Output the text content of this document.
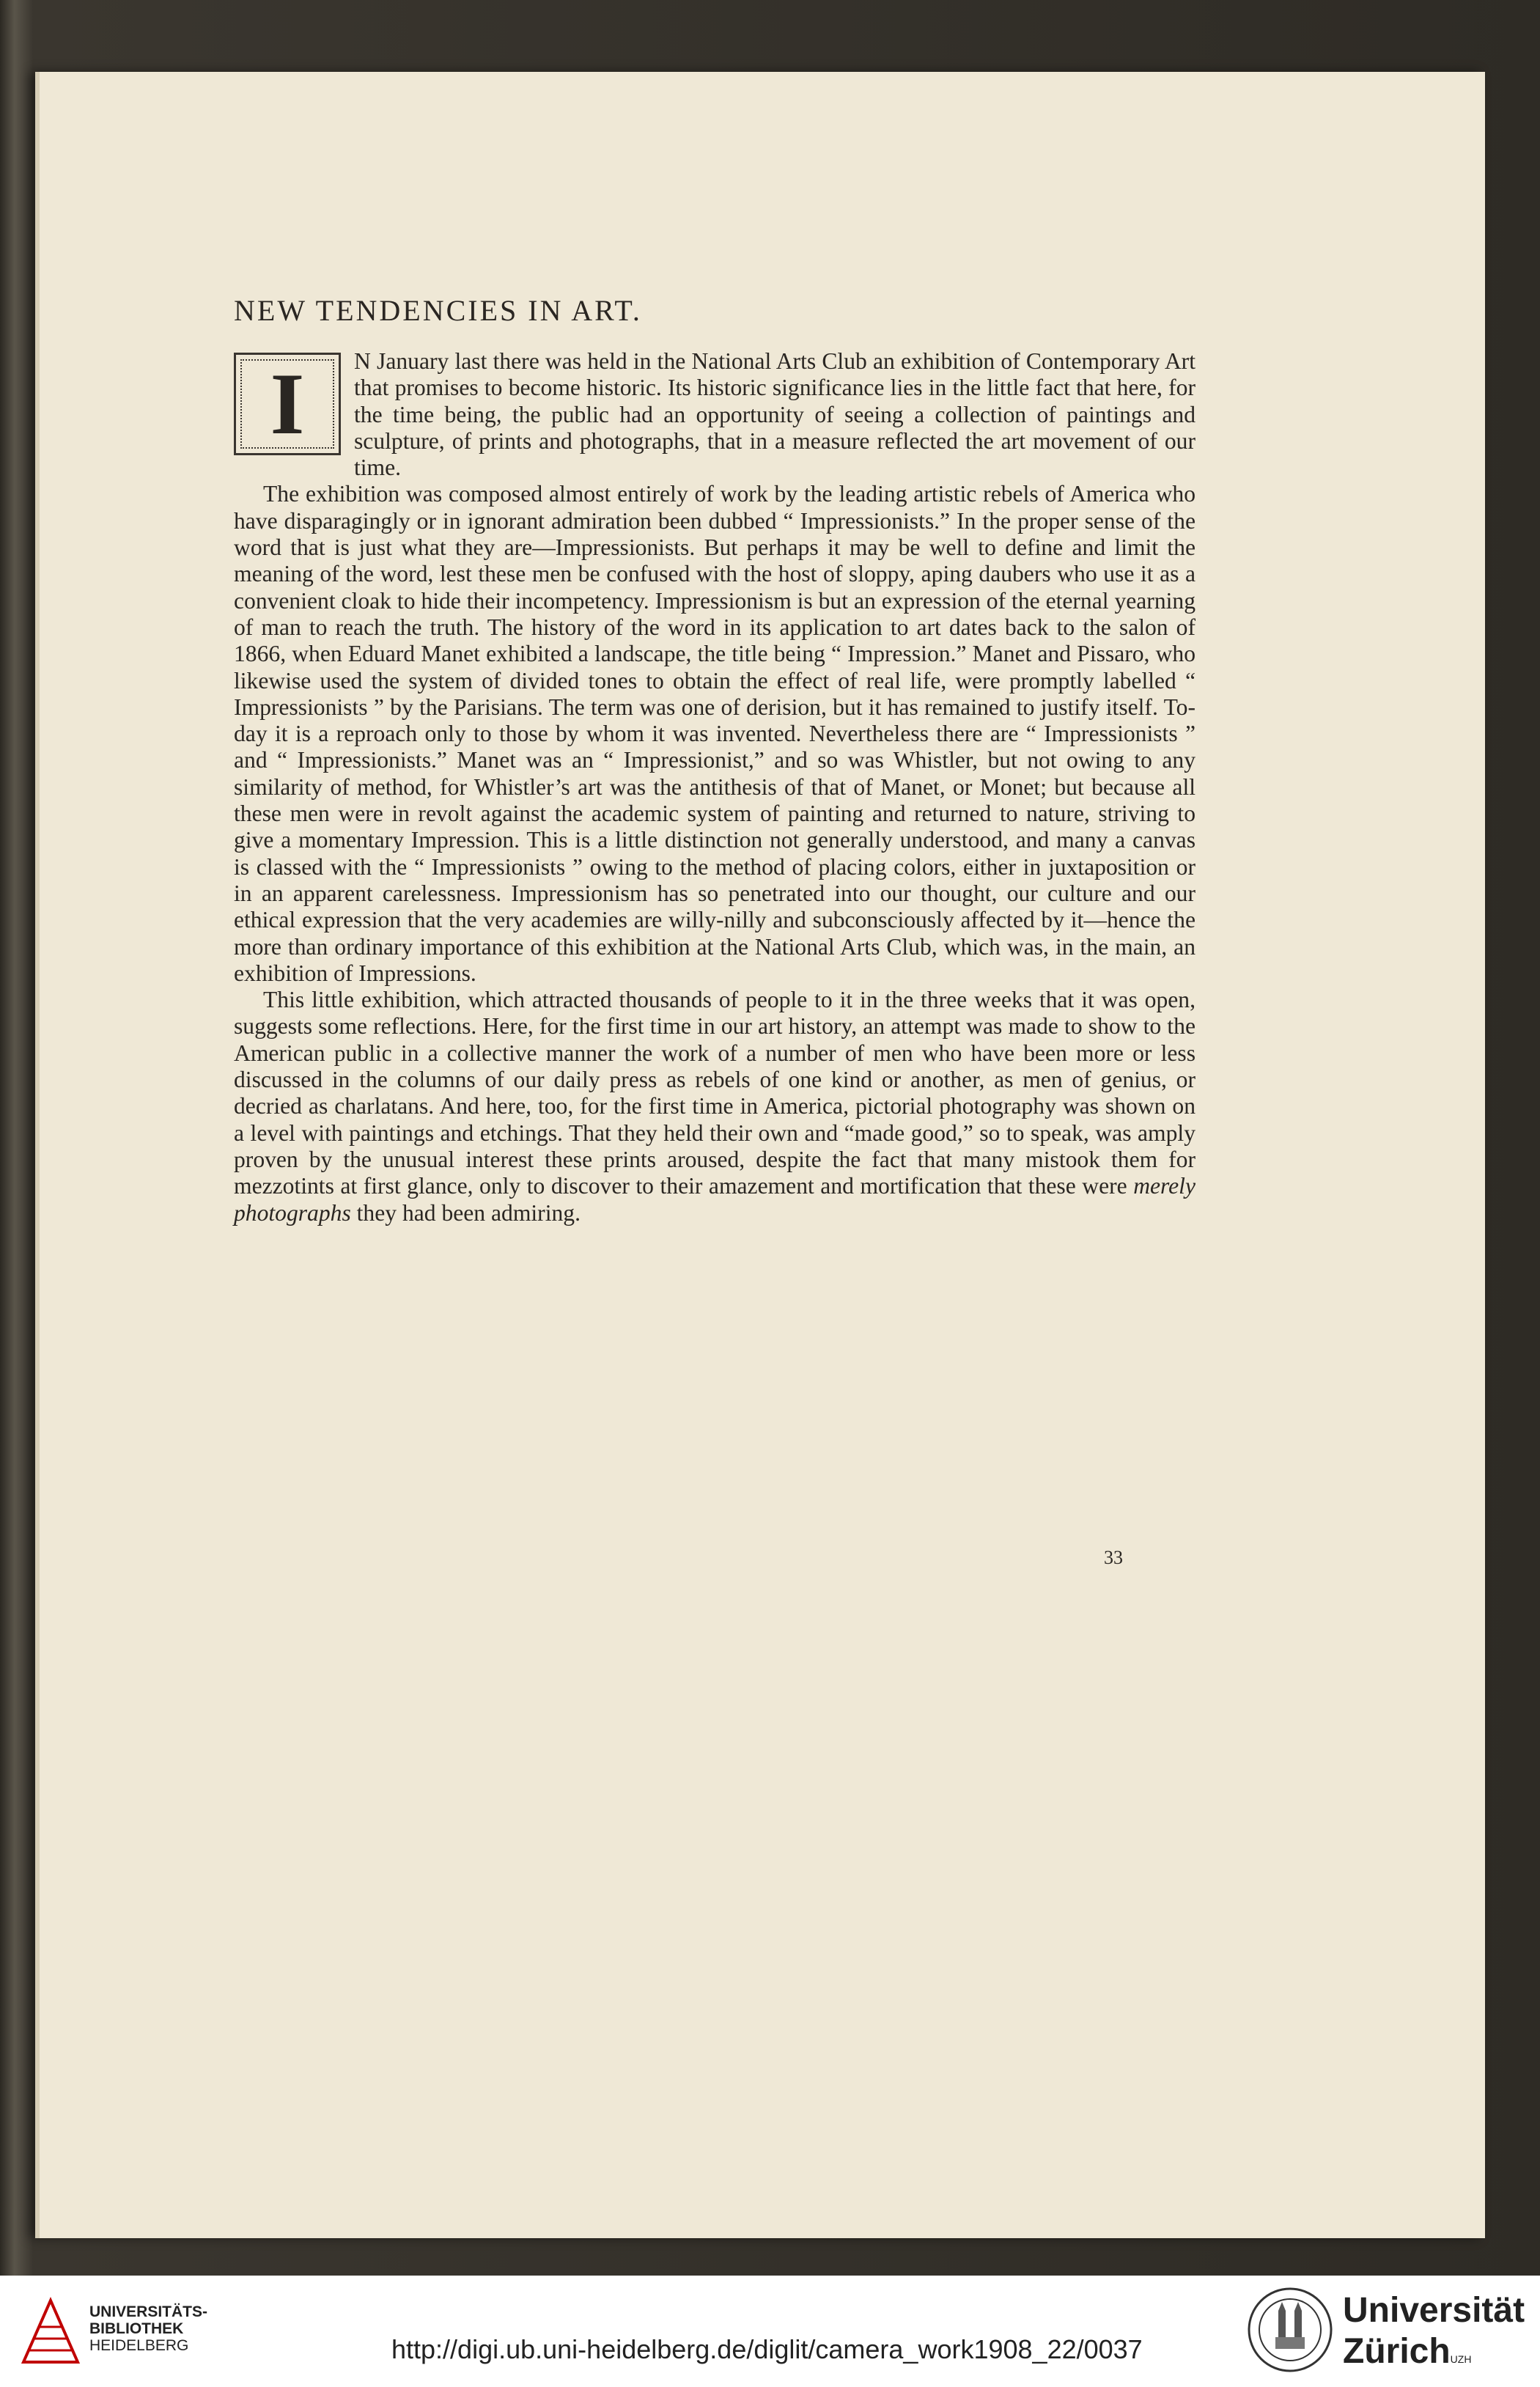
NEW TENDENCIES IN ART.

I N January last there was held in the National Arts Club an exhibition of Contemporary Art that promises to become historic. Its historic significance lies in the little fact that here, for the time being, the public had an opportunity of seeing a collection of paintings and sculpture, of prints and photographs, that in a measure reflected the art movement of our time.

The exhibition was composed almost entirely of work by the leading artistic rebels of America who have disparagingly or in ignorant admiration been dubbed “ Impressionists.” In the proper sense of the word that is just what they are—Impressionists. But perhaps it may be well to define and limit the meaning of the word, lest these men be confused with the host of sloppy, aping daubers who use it as a convenient cloak to hide their incompetency. Impressionism is but an expression of the eternal yearning of man to reach the truth. The history of the word in its application to art dates back to the salon of 1866, when Eduard Manet exhibited a landscape, the title being “ Impression.” Manet and Pissaro, who likewise used the system of divided tones to obtain the effect of real life, were promptly labelled “ Impressionists ” by the Parisians. The term was one of derision, but it has remained to justify itself. To-day it is a reproach only to those by whom it was invented. Nevertheless there are “ Impressionists ” and “ Impressionists.” Manet was an “ Impressionist,” and so was Whistler, but not owing to any similarity of method, for Whistler’s art was the antithesis of that of Manet, or Monet; but because all these men were in revolt against the academic system of painting and returned to nature, striving to give a momentary Impression. This is a little distinction not generally understood, and many a canvas is classed with the “ Impressionists ” owing to the method of placing colors, either in juxtaposition or in an apparent carelessness. Impressionism has so penetrated into our thought, our culture and our ethical expression that the very academies are willy-nilly and subconsciously affected by it—hence the more than ordinary importance of this exhibition at the National Arts Club, which was, in the main, an exhibition of Impressions.

This little exhibition, which attracted thousands of people to it in the three weeks that it was open, suggests some reflections. Here, for the first time in our art history, an attempt was made to show to the American public in a collective manner the work of a number of men who have been more or less discussed in the columns of our daily press as rebels of one kind or another, as men of genius, or decried as charlatans. And here, too, for the first time in America, pictorial photography was shown on a level with paintings and etchings. That they held their own and “made good,” so to speak, was amply proven by the unusual interest these prints aroused, despite the fact that many mistook them for mezzotints at first glance, only to discover to their amazement and mortification that these were merely photographs they had been admiring.

33
UNIVERSITÄTS-
BIBLIOTHEK
HEIDELBERG	http://digi.ub.uni-heidelberg.de/diglit/camera_work1908_22/0037
Universität
Zürich$^{UZH}$
